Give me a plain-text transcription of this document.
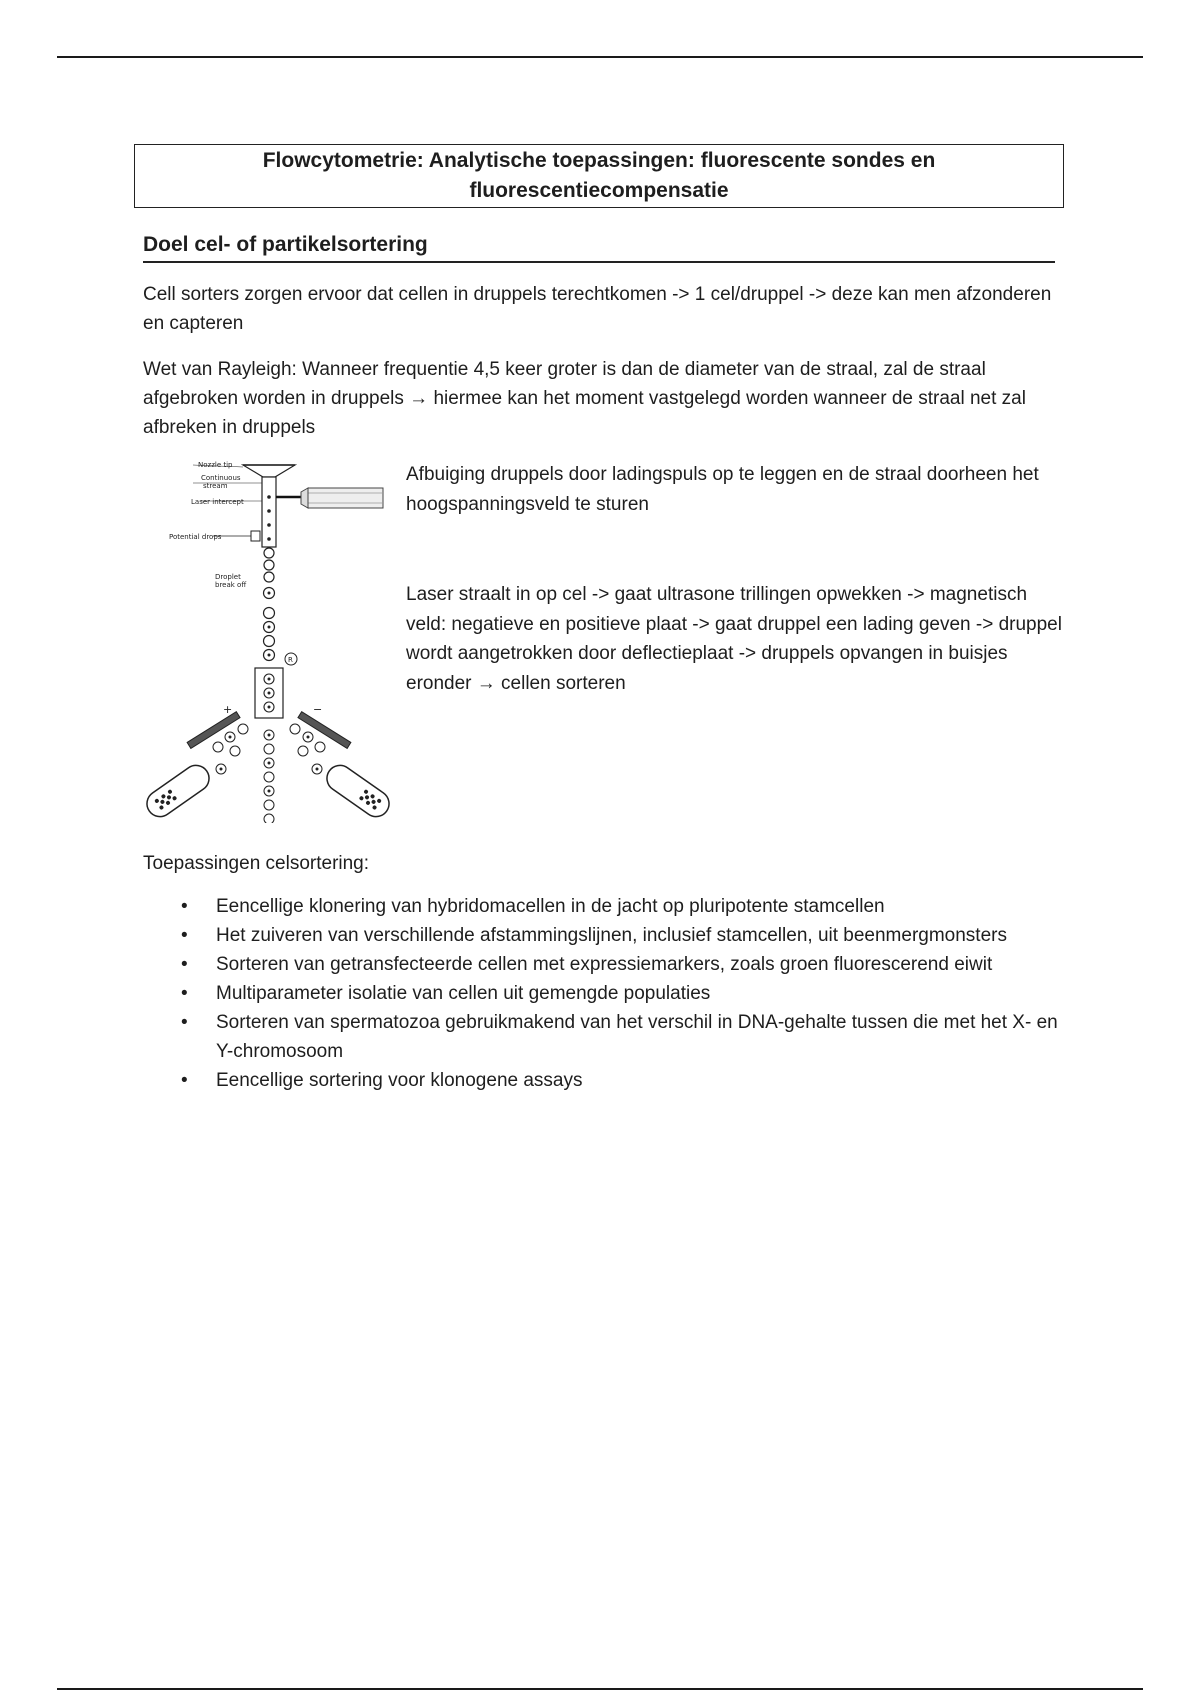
Flowcytometrie: Analytische toepassingen: fluorescente sondes en
fluorescentiecompensatie
Doel cel- of partikelsortering

Cell sorters zorgen ervoor dat cellen in druppels terechtkomen -> 1 cel/druppel -> deze kan men afzonderen en capteren

Wet van Rayleigh: Wanneer frequentie 4,5 keer groter is dan de diameter van de straal, zal de straal afgebroken worden in druppels → hiermee kan het moment vastgelegd worden wanneer de straal net zal afbreken in druppels

Nozzle tip
Continuous
stream
Laser intercept
Potential drops
Droplet
break off
R
+	−

Afbuiging druppels door ladingspuls op te leggen en de straal doorheen het hoogspanningsveld te sturen

Laser straalt in op cel -> gaat ultrasone trillingen opwekken -> magnetisch veld: negatieve en positieve plaat -> gaat druppel een lading geven -> druppel wordt aangetrokken door deflectieplaat -> druppels opvangen in buisjes eronder → cellen sorteren

Toepassingen celsortering:
• Eencellige klonering van hybridomacellen in de jacht op pluripotente stamcellen
• Het zuiveren van verschillende afstammingslijnen, inclusief stamcellen, uit beenmergmonsters
• Sorteren van getransfecteerde cellen met expressiemarkers, zoals groen fluorescerend eiwit
• Multiparameter isolatie van cellen uit gemengde populaties
• Sorteren van spermatozoa gebruikmakend van het verschil in DNA-gehalte tussen die met het X- en Y-chromosoom
• Eencellige sortering voor klonogene assays
